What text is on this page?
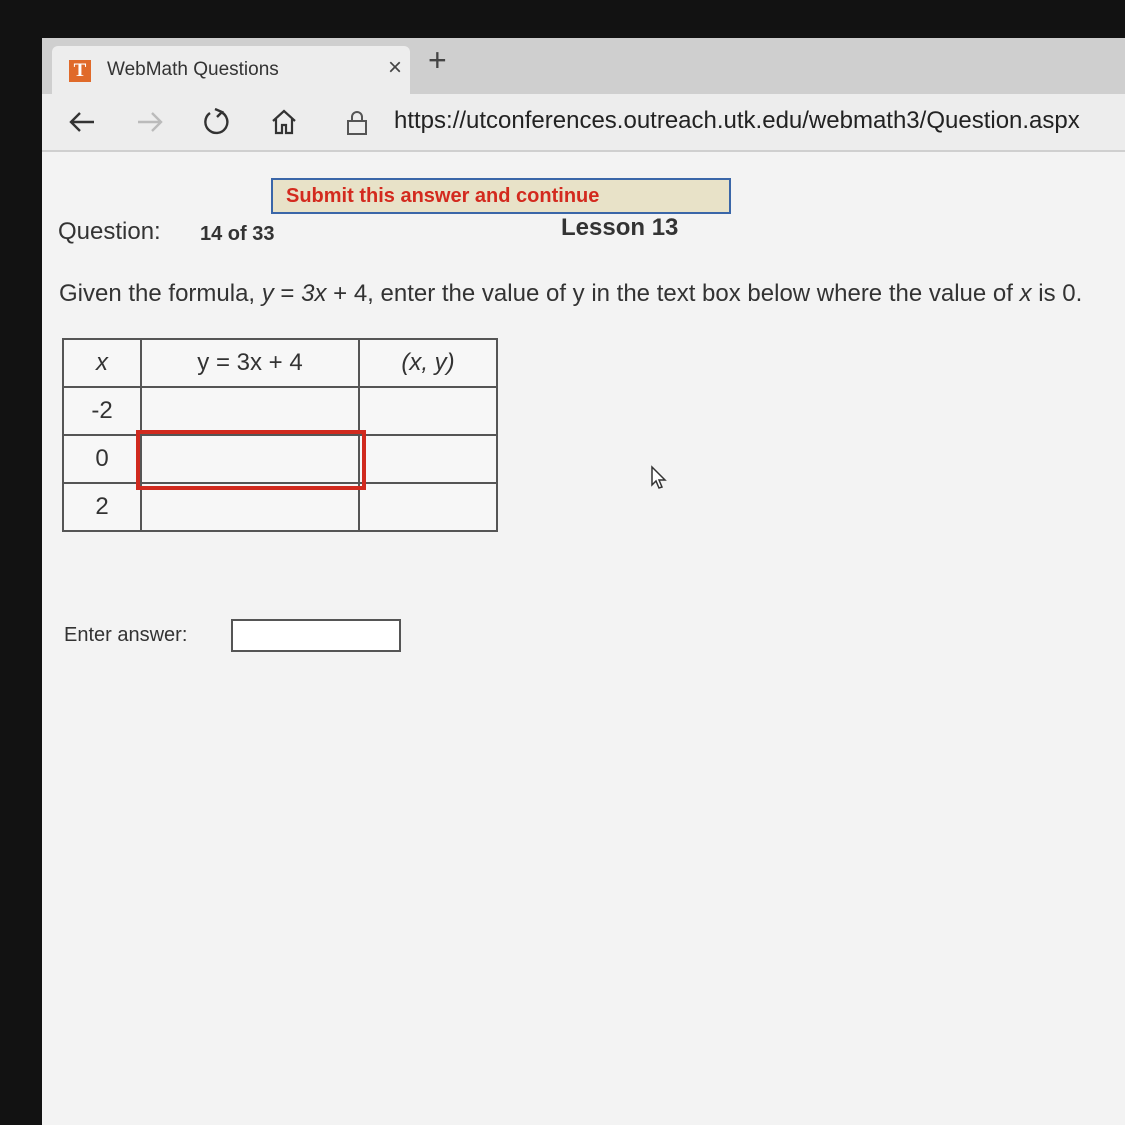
T WebMath Questions	× +
https://utconferences.outreach.utk.edu/webmath3/Question.aspx
Submit this answer and continue
Question: 14 of 33	Lesson 13
Given the formula, y = 3x + 4, enter the value of y in the text box below where the value of x is 0.
x	y = 3x + 4	(x, y)
-2		
0	

2		
Enter answer:
